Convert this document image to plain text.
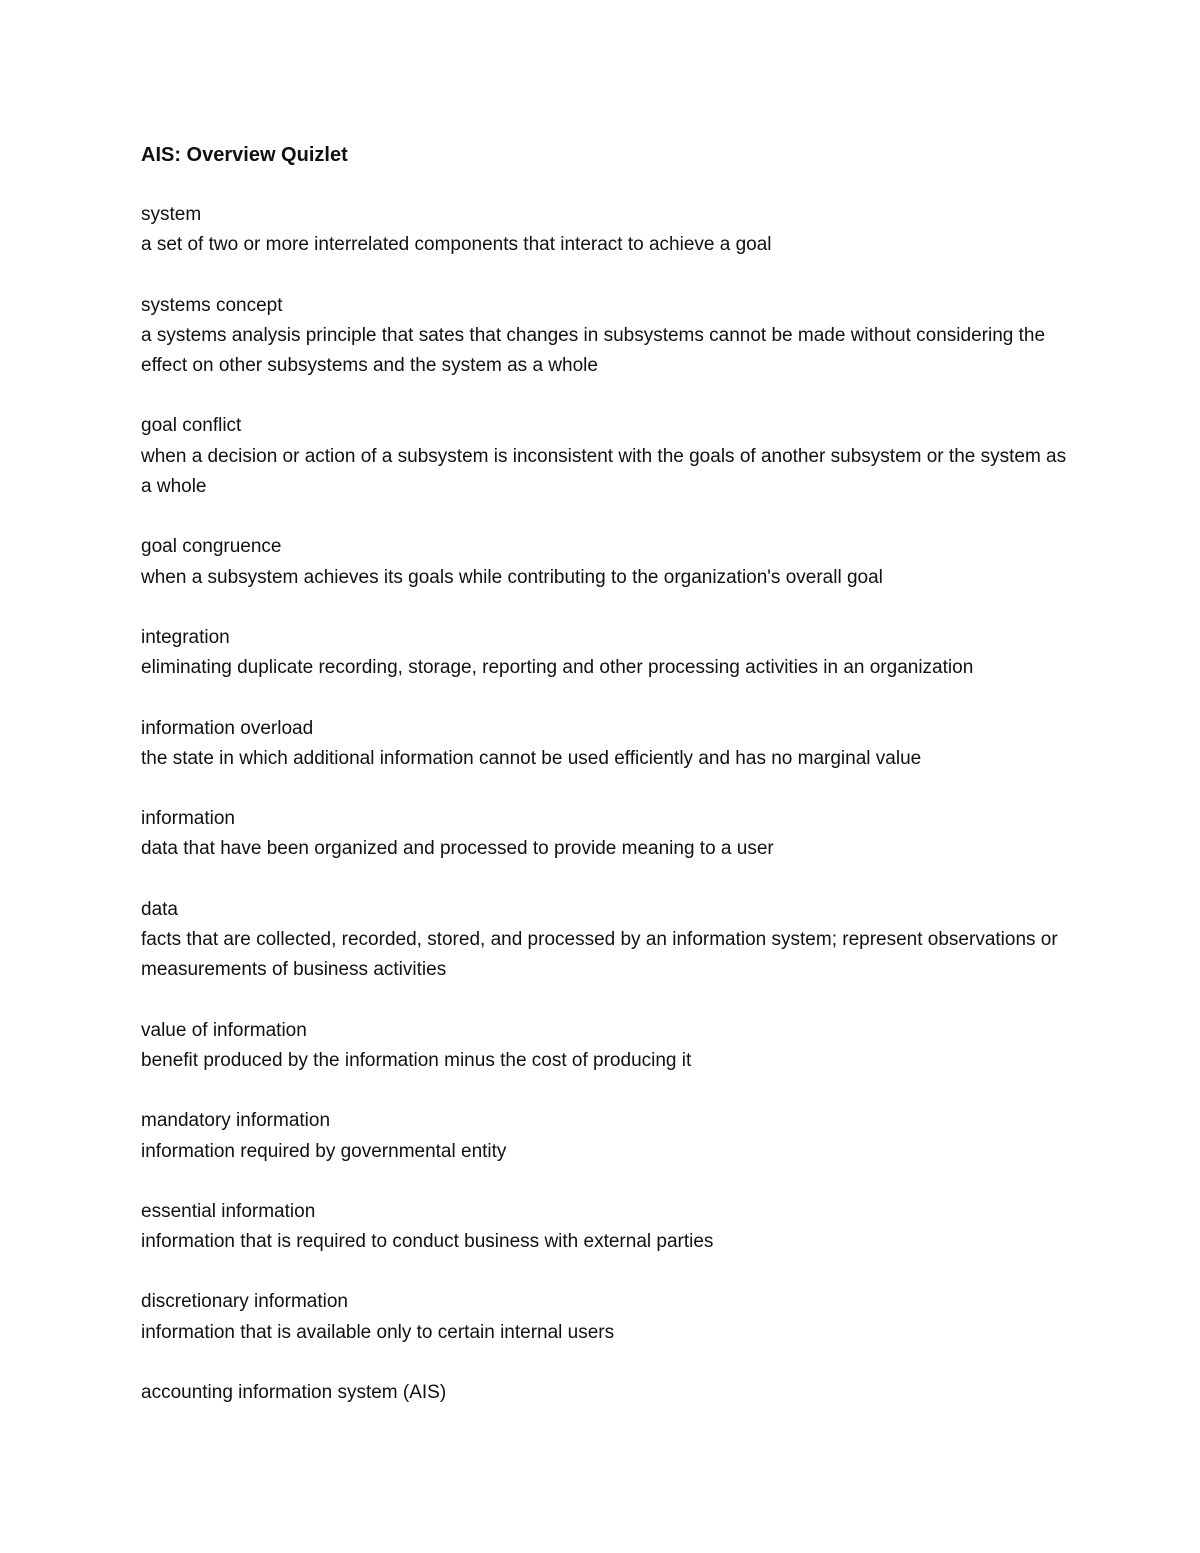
AIS: Overview Quizlet
system
a set of two or more interrelated components that interact to achieve a goal
systems concept
a systems analysis principle that sates that changes in subsystems cannot be made without considering the effect on other subsystems and the system as a whole
goal conflict
when a decision or action of a subsystem is inconsistent with the goals of another subsystem or the system as a whole
goal congruence
when a subsystem achieves its goals while contributing to the organization's overall goal
integration
eliminating duplicate recording, storage, reporting and other processing activities in an organization
information overload
the state in which additional information cannot be used efficiently and has no marginal value
information
data that have been organized and processed to provide meaning to a user
data
facts that are collected, recorded, stored, and processed by an information system; represent observations or measurements of business activities
value of information
benefit produced by the information minus the cost of producing it
mandatory information
information required by governmental entity
essential information
information that is required to conduct business with external parties
discretionary information
information that is available only to certain internal users
accounting information system (AIS)
